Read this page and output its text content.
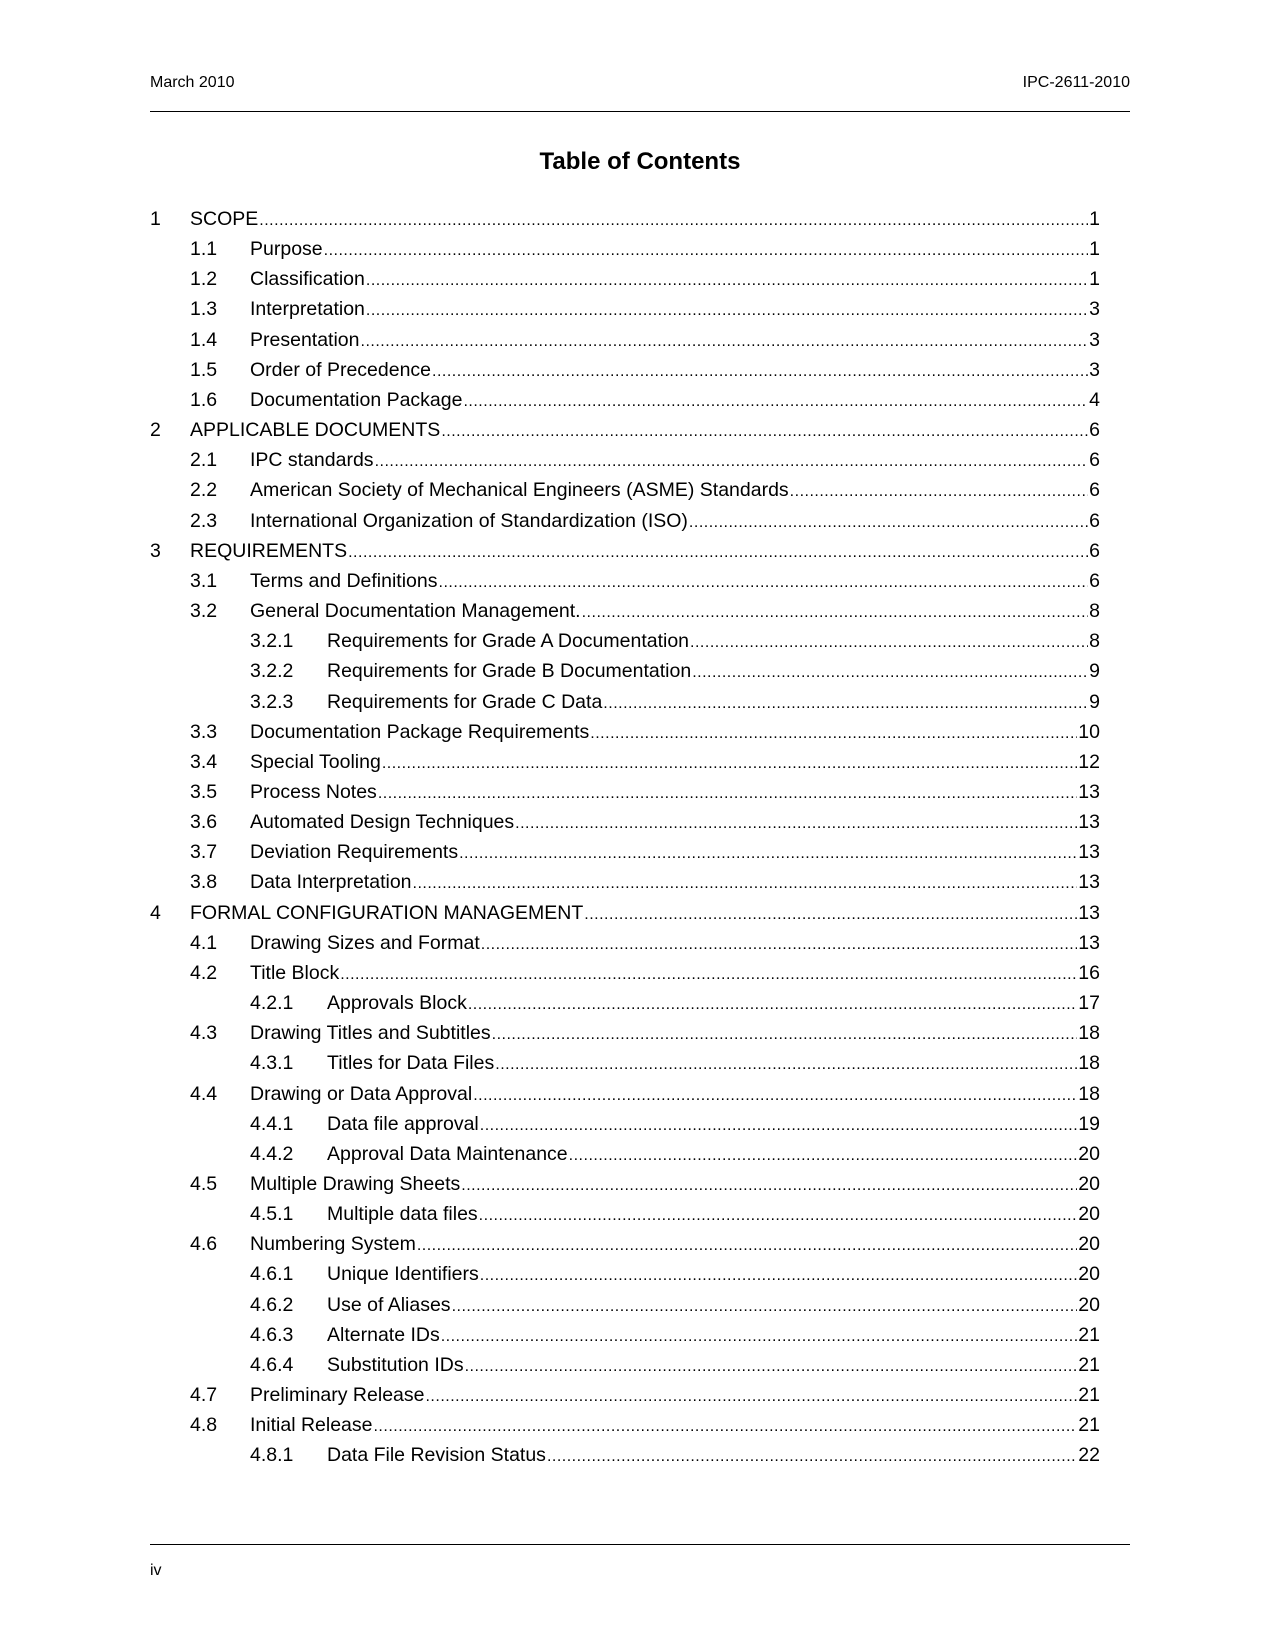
March 2010	IPC-2611-2010
Table of Contents
1 SCOPE .....	1
1.1 Purpose .....	1
1.2 Classification .....	1
1.3 Interpretation .....	3
1.4 Presentation .....	3
1.5 Order of Precedence .....	3
1.6 Documentation Package .....	4
2 APPLICABLE DOCUMENTS .....	6
2.1 IPC standards .....	6
2.2 American Society of Mechanical Engineers (ASME) Standards .....	6
2.3 International Organization of Standardization (ISO) .....	6
3 REQUIREMENTS .....	6
3.1 Terms and Definitions .....	6
3.2 General Documentation Management. .....	8
3.2.1 Requirements for Grade A Documentation .....	8
3.2.2 Requirements for Grade B Documentation .....	9
3.2.3 Requirements for Grade C Data .....	9
3.3 Documentation Package Requirements .....	10
3.4 Special Tooling .....	12
3.5 Process Notes .....	13
3.6 Automated Design Techniques .....	13
3.7 Deviation Requirements .....	13
3.8 Data Interpretation .....	13
4 FORMAL CONFIGURATION MANAGEMENT .....	13
4.1 Drawing Sizes and Format .....	13
4.2 Title Block .....	16
4.2.1 Approvals Block .....	17
4.3 Drawing Titles and Subtitles .....	18
4.3.1 Titles for Data Files .....	18
4.4 Drawing or Data Approval .....	18
4.4.1 Data file approval .....	19
4.4.2 Approval Data Maintenance .....	20
4.5 Multiple Drawing Sheets .....	20
4.5.1 Multiple data files .....	20
4.6 Numbering System .....	20
4.6.1 Unique Identifiers .....	20
4.6.2 Use of Aliases .....	20
4.6.3 Alternate IDs .....	21
4.6.4 Substitution IDs .....	21
4.7 Preliminary Release .....	21
4.8 Initial Release .....	21
4.8.1 Data File Revision Status .....	22
iv
